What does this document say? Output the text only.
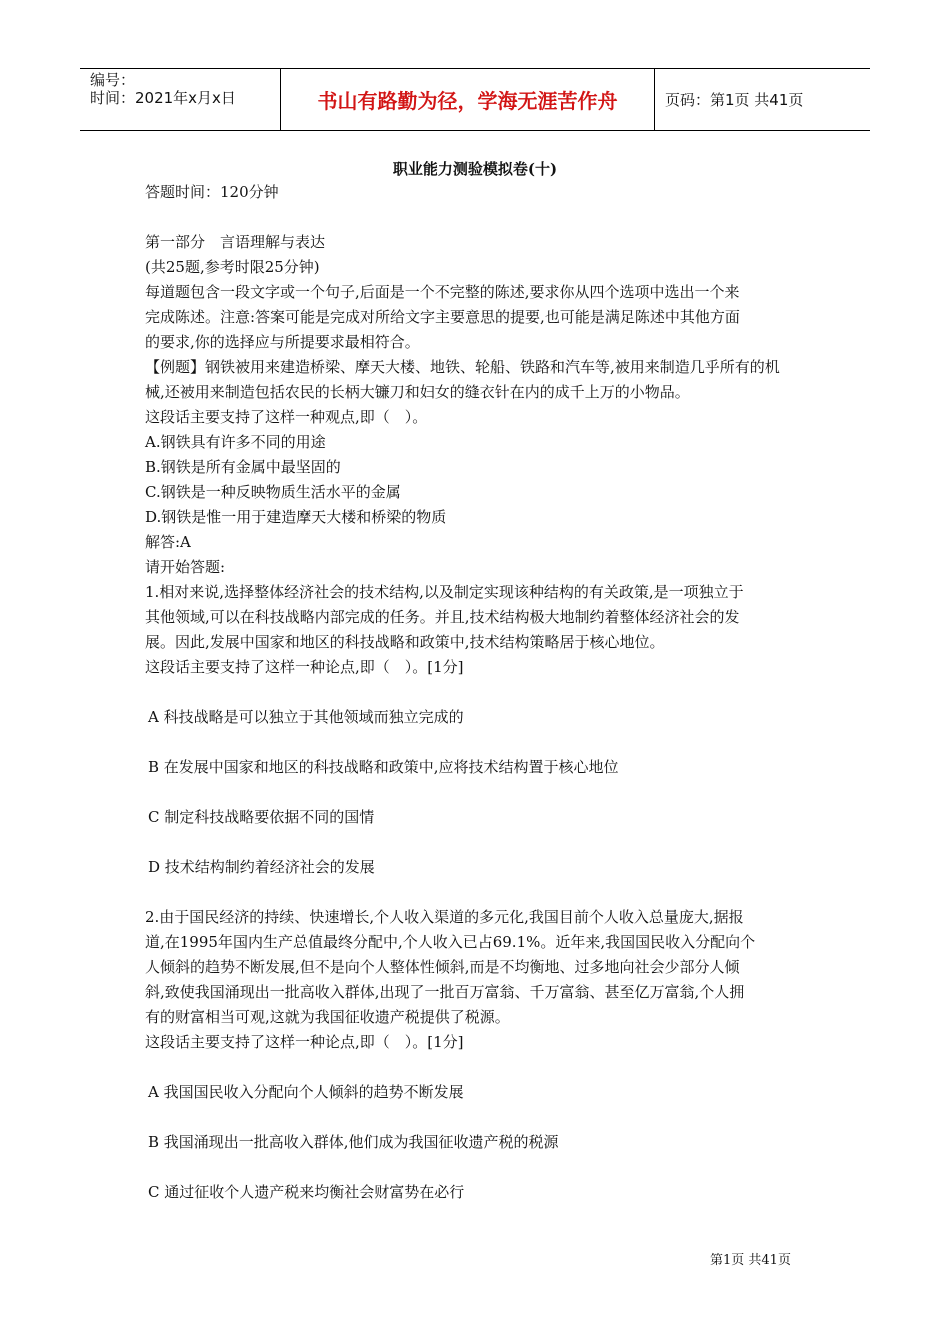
编号：
时间：2021年x月x日	书山有路勤为径，学海无涯苦作舟	页码：第1页 共41页
职业能力测验模拟卷(十)

答题时间：120分钟

第一部分　言语理解与表达

(共25题,参考时限25分钟)

每道题包含一段文字或一个句子,后面是一个不完整的陈述,要求你从四个选项中选出一个来

完成陈述。注意:答案可能是完成对所给文字主要意思的提要,也可能是满足陈述中其他方面

的要求,你的选择应与所提要求最相符合。

【例题】钢铁被用来建造桥梁、摩天大楼、地铁、轮船、铁路和汽车等,被用来制造几乎所有的机

械,还被用来制造包括农民的长柄大镰刀和妇女的缝衣针在内的成千上万的小物品。

这段话主要支持了这样一种观点,即（　）。

A.钢铁具有许多不同的用途

B.钢铁是所有金属中最坚固的

C.钢铁是一种反映物质生活水平的金属

D.钢铁是惟一用于建造摩天大楼和桥梁的物质

解答:A

请开始答题:

1.相对来说,选择整体经济社会的技术结构,以及制定实现该种结构的有关政策,是一项独立于

其他领域,可以在科技战略内部完成的任务。并且,技术结构极大地制约着整体经济社会的发

展。因此,发展中国家和地区的科技战略和政策中,技术结构策略居于核心地位。

这段话主要支持了这样一种论点,即（　）。[1分]

A 科技战略是可以独立于其他领域而独立完成的

B 在发展中国家和地区的科技战略和政策中,应将技术结构置于核心地位

C 制定科技战略要依据不同的国情

D 技术结构制约着经济社会的发展

2.由于国民经济的持续、快速增长,个人收入渠道的多元化,我国目前个人收入总量庞大,据报

道,在1995年国内生产总值最终分配中,个人收入已占69.1%。近年来,我国国民收入分配向个

人倾斜的趋势不断发展,但不是向个人整体性倾斜,而是不均衡地、过多地向社会少部分人倾

斜,致使我国涌现出一批高收入群体,出现了一批百万富翁、千万富翁、甚至亿万富翁,个人拥

有的财富相当可观,这就为我国征收遗产税提供了税源。

这段话主要支持了这样一种论点,即（　）。[1分]

A 我国国民收入分配向个人倾斜的趋势不断发展

B 我国涌现出一批高收入群体,他们成为我国征收遗产税的税源

C 通过征收个人遗产税来均衡社会财富势在必行

第1页 共41页
